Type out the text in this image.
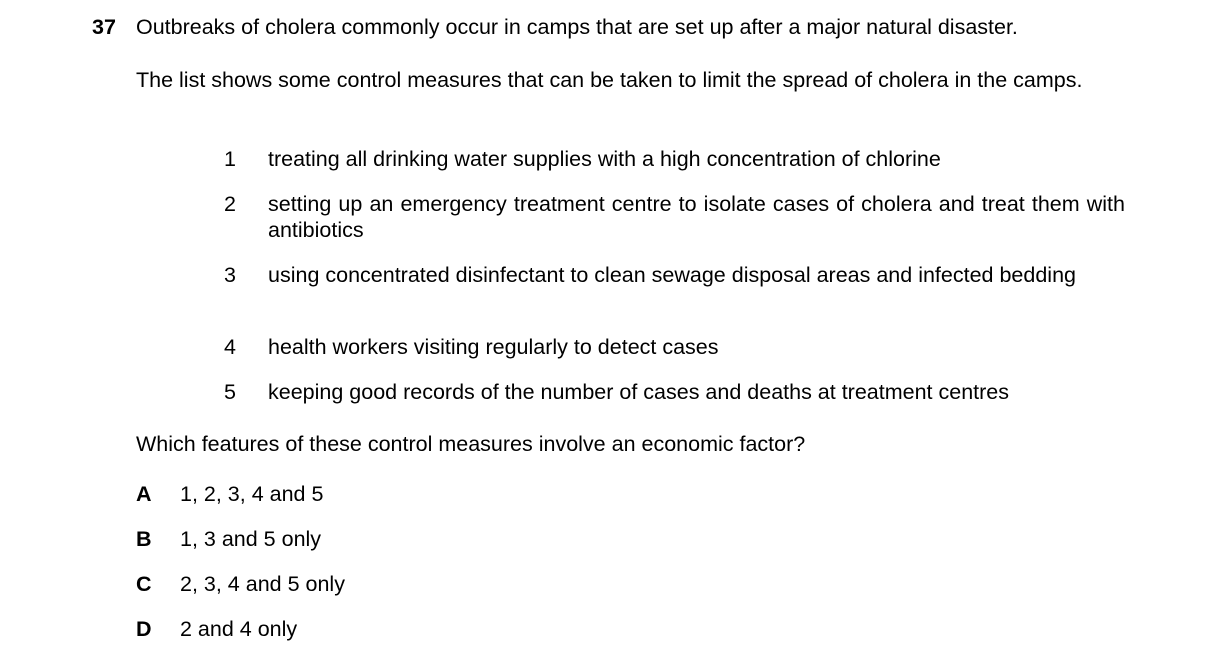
37 Outbreaks of cholera commonly occur in camps that are set up after a major natural disaster.
The list shows some control measures that can be taken to limit the spread of cholera in the camps.
1 treating all drinking water supplies with a high concentration of chlorine
2 setting up an emergency treatment centre to isolate cases of cholera and treat them with antibiotics
3 using concentrated disinfectant to clean sewage disposal areas and infected bedding
4 health workers visiting regularly to detect cases
5 keeping good records of the number of cases and deaths at treatment centres
Which features of these control measures involve an economic factor?
A 1, 2, 3, 4 and 5
B 1, 3 and 5 only
C 2, 3, 4 and 5 only
D 2 and 4 only
